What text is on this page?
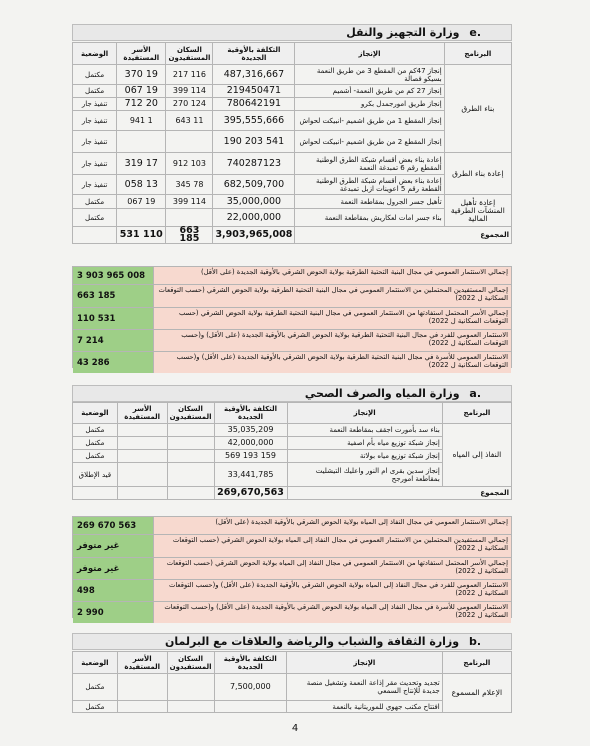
.e وزارة التجهيز والنقل
البرنامج	الإنجاز	التكلفة بالأوقية الجديدة	السكان المستفيدون	الأسر المستفيدة	الوضعية
بناء الطرق	إنجاز 47كم من المقطع 3 من طريق النعمة بسيكو فصالة	487,316,667	116 217	19 370	مكتمل
	إنجاز 27 كم من طريق النعمة- أشميم	219450471	114 399	19 067	مكتمل
	إنجاز طريق امورجمدل بكرو	780642191	124 270	20 712	تنفيذ جار
	إنجاز المقطع 1 من طريق اشميم -انبيكت لحواش	395,555,666	11 643	1 941	تنفيذ جار
	إنجاز المقطع 2 من طريق اشميم -انبيكت لحواش	541 203 190			تنفيذ جار
إعادة بناء الطرق	إعادة بناء بعض أقسام شبكة الطرق الوطنية المقطع رقم 6 تمبدغة النعمة	740287123	103 912	17 319	تنفيذ جار
	إعادة بناء بعض أقسام شبكة الطرق الوطنية القطعة رقم 5 اعوينات ازبل تمبدغة	682,509,700	78 345	13 058	تنفيذ جار
إعادة تأهيل المنشآت الطرقية المالية	تأهيل جسر الجرول بمقاطعة النعمة	35,000,000	114 399	19 067	مكتمل
	بناء جسر امات لعكاريش بمقاطعة النعمة	22,000,000			مكتمل
المجموع		3,903,965,008	663 185	110 531	
إجمالي الاستثمار العمومي في مجال البنية التحتية الطرقية بولاية الحوض الشرقي بالأوقية الجديدة (على الأقل)
3 903 965 008
إجمالي المستفيدين المحتملين من الاستثمار العمومي في مجال البنية التحتية الطرقية بولاية الحوض الشرقي (حسب التوقعات السكانية ل 2022)
663 185
إجمالي الأسر المحتمل استفادتها من الاستثمار العمومي في مجال البنية التحتية الطرقية بولاية الحوض الشرقي (حسب التوقعات السكانية ل 2022)
110 531
الاستثمار العمومي للفرد في مجال البنية التحتية الطرقية بولاية الحوض الشرقي بالأوقية الجديدة (على الأقل) و(حسب التوقعات السكانية ل 2022)
7 214
الاستثمار العمومي للأسرة في مجال البنية التحتية الطرقية بولاية الحوض الشرقي بالأوقية الجديدة (على الأقل) و(حسب التوقعات السكانية ل 2022)
43 286
.a وزارة المياه والصرف الصحي
البرنامج	الإنجاز	التكلفة بالأوقية الجديدة	السكان المستفيدون	الأسر المستفيدة	الوضعية
النفاذ إلى المياه	بناء سد بأمورت اجقف بمقاطعة النعمة	35,035,209			مكتمل
	إنجاز شبكة توزيع مياه بأم اصفية	42,000,000			مكتمل
	إنجاز شبكة توزيع مياه بولاتة	159 193 569			مكتمل
	إنجاز سدين بقرى ام النور واعليك التيشليت بمقاطعة امورجح	33,441,785			قيد الإطلاق
المجموع		269,670,563			
إجمالي الاستثمار العمومي في مجال النفاذ إلى المياه بولاية الحوض الشرقي بالأوقية الجديدة (على الأقل)
269 670 563
إجمالي المستفيدين المحتملين من الاستثمار العمومي في مجال النفاذ إلى المياه بولاية الحوض الشرقي (حسب التوقعات السكانية ل 2022)
غير متوفر
إجمالي الأسر المحتمل استفادتها من الاستثمار العمومي في مجال النفاذ إلى المياه بولاية الحوض الشرقي (حسب التوقعات السكانية ل 2022)
غير متوفر
الاستثمار العمومي للفرد في مجال النفاذ إلى المياه بولاية الحوض الشرقي بالأوقية الجديدة (على الأقل) و(حسب التوقعات السكانية ل 2022)
498
الاستثمار العمومي للأسرة في مجال النفاذ إلى المياه بولاية الحوض الشرقي بالأوقية الجديدة (على الأقل) و(حسب التوقعات السكانية ل 2022)
2 990
.b وزارة الثقافة والشباب والرياضة والعلاقات مع البرلمان
البرنامج	الإنجاز	التكلفة بالأوقية الجديدة	السكان المستفيدون	الأسر المستفيدة	الوضعية
الإعلام المسموع	تجديد وتحديث مقر إذاعة النعمة وتشغيل منصة جديدة للإنتاج السمعي	7,500,000			مكتمل
	افتتاح مكتب جهوي للموريتانية بالنعمة				مكتمل
4
